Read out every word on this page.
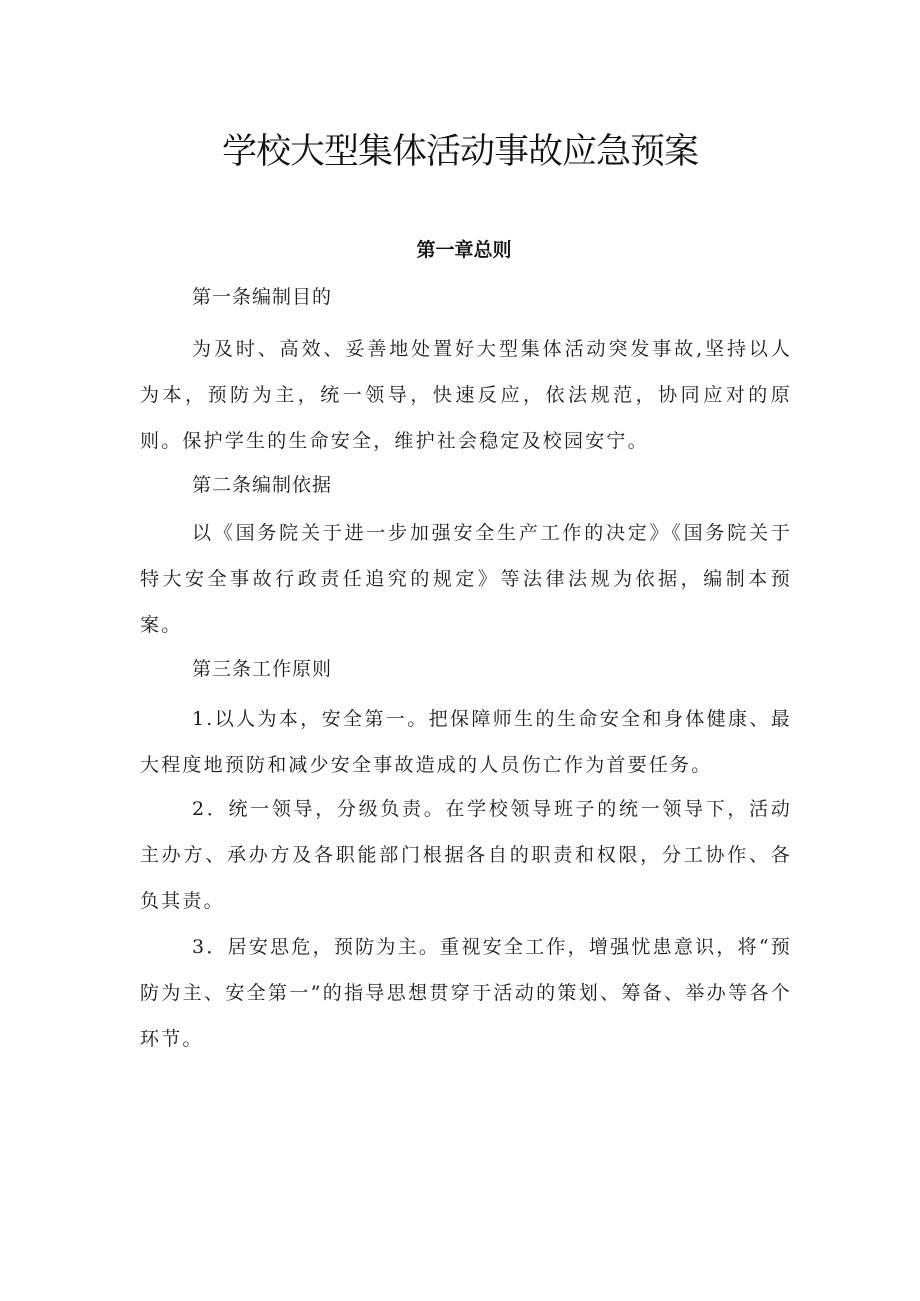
学校大型集体活动事故应急预案
第一章总则
第一条编制目的
为及时、高效、妥善地处置好大型集体活动突发事故,坚持以人为本，预防为主，统一领导，快速反应，依法规范，协同应对的原则。保护学生的生命安全，维护社会稳定及校园安宁。
第二条编制依据
以《国务院关于进一步加强安全生产工作的决定》《国务院关于特大安全事故行政责任追究的规定》等法律法规为依据，编制本预案。
第三条工作原则
1.以人为本，安全第一。把保障师生的生命安全和身体健康、最大程度地预防和减少安全事故造成的人员伤亡作为首要任务。
2．统一领导，分级负责。在学校领导班子的统一领导下，活动主办方、承办方及各职能部门根据各自的职责和权限，分工协作、各负其责。
3．居安思危，预防为主。重视安全工作，增强忧患意识，将“预防为主、安全第一”的指导思想贯穿于活动的策划、筹备、举办等各个环节。
